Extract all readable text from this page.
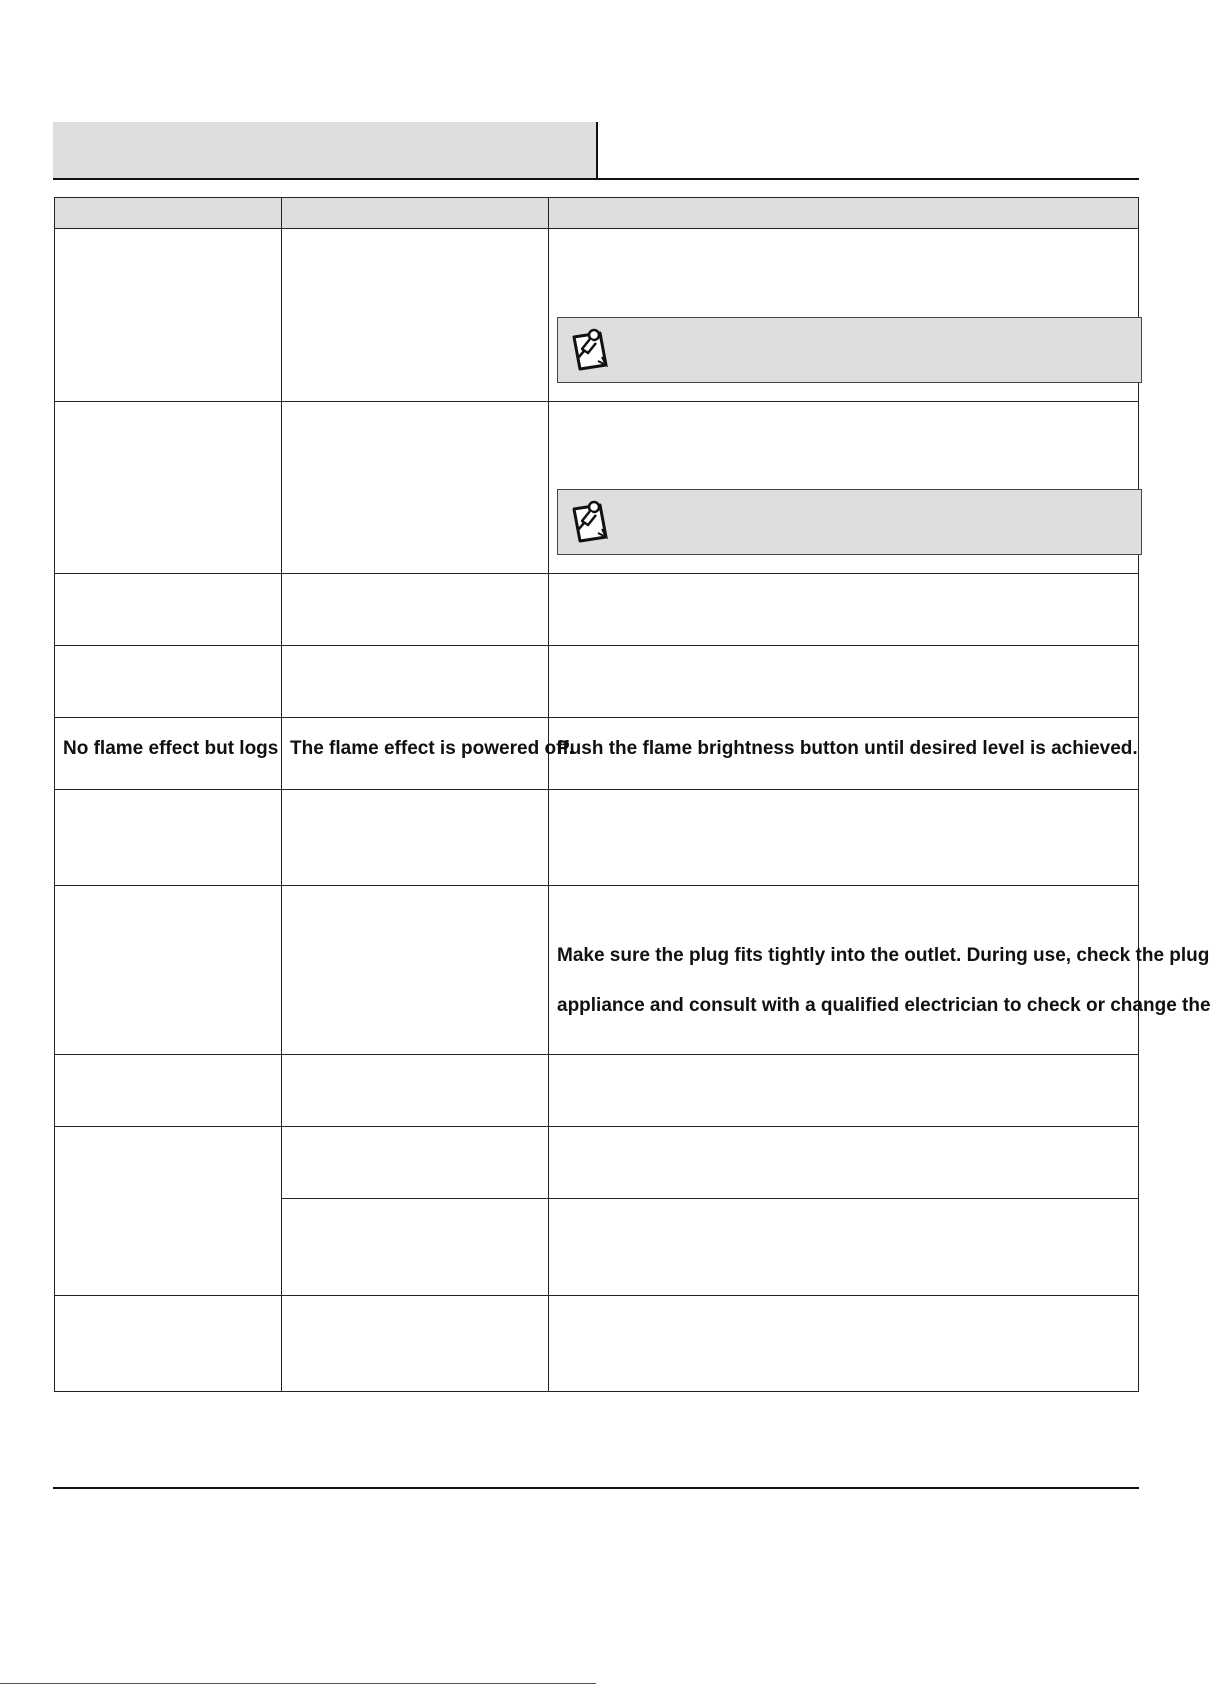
No flame effect but logs	The flame effect is powered off.	Push the flame brightness button until desired level is achieved.

		Make sure the plug fits tightly into the outlet. During use, check the plug
appliance and consult with a qualified electrician to check or change the
